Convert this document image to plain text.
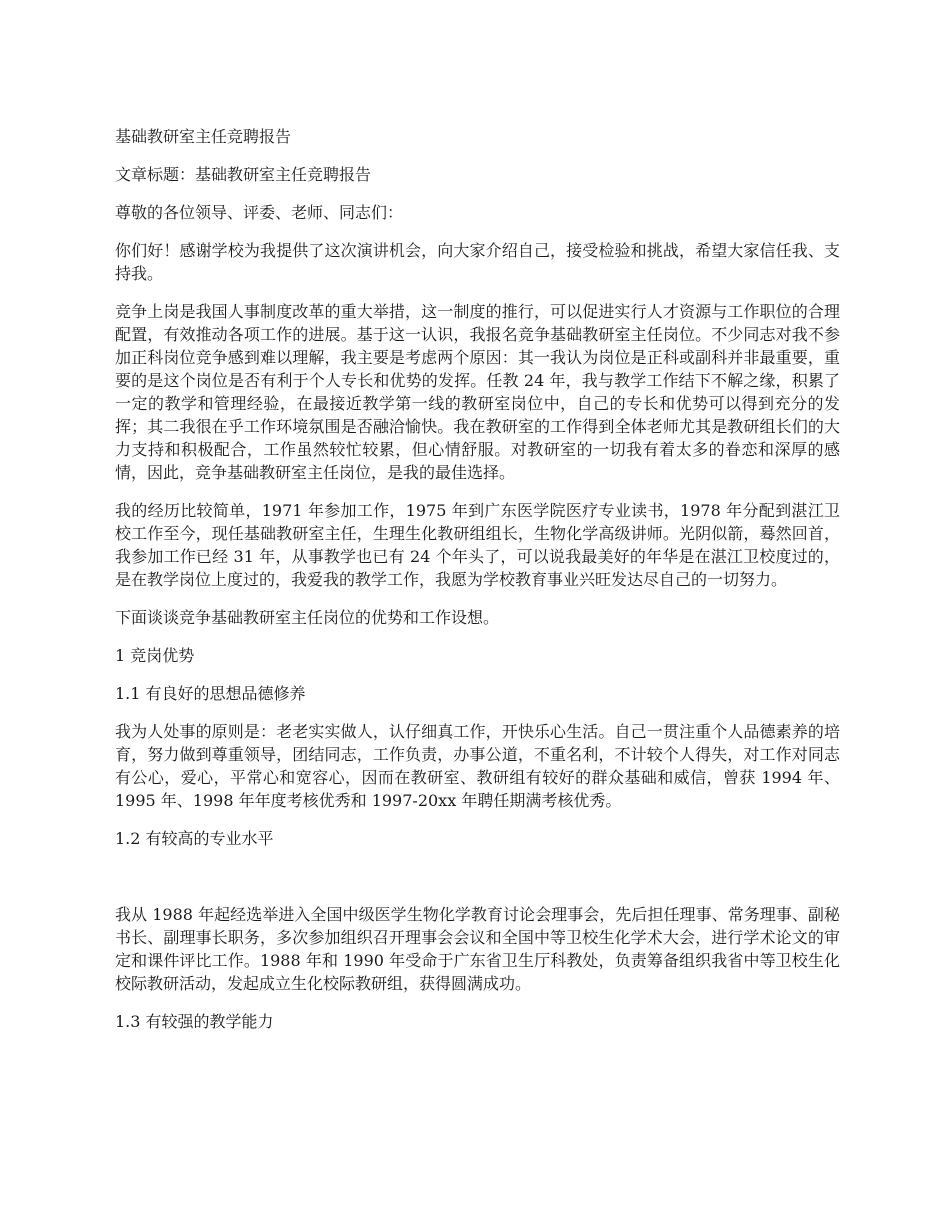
基础教研室主任竞聘报告

文章标题：基础教研室主任竞聘报告

尊敬的各位领导、评委、老师、同志们：

你们好！感谢学校为我提供了这次演讲机会，向大家介绍自己，接受检验和挑战，希望大家信任我、支持我。

竞争上岗是我国人事制度改革的重大举措，这一制度的推行，可以促进实行人才资源与工作职位的合理配置，有效推动各项工作的进展。基于这一认识，我报名竞争基础教研室主任岗位。不少同志对我不参加正科岗位竞争感到难以理解，我主要是考虑两个原因：其一我认为岗位是正科或副科并非最重要，重要的是这个岗位是否有利于个人专长和优势的发挥。任教 24 年，我与教学工作结下不解之缘，积累了一定的教学和管理经验，在最接近教学第一线的教研室岗位中，自己的专长和优势可以得到充分的发挥；其二我很在乎工作环境氛围是否融洽愉快。我在教研室的工作得到全体老师尤其是教研组长们的大力支持和积极配合，工作虽然较忙较累，但心情舒服。对教研室的一切我有着太多的眷恋和深厚的感情，因此，竞争基础教研室主任岗位，是我的最佳选择。

我的经历比较简单，1971 年参加工作，1975 年到广东医学院医疗专业读书，1978 年分配到湛江卫校工作至今，现任基础教研室主任，生理生化教研组组长，生物化学高级讲师。光阴似箭，蓦然回首，我参加工作已经 31 年，从事教学也已有 24 个年头了，可以说我最美好的年华是在湛江卫校度过的，是在教学岗位上度过的，我爱我的教学工作，我愿为学校教育事业兴旺发达尽自己的一切努力。

下面谈谈竞争基础教研室主任岗位的优势和工作设想。

1 竞岗优势

1.1 有良好的思想品德修养

我为人处事的原则是：老老实实做人，认仔细真工作，开快乐心生活。自己一贯注重个人品德素养的培育，努力做到尊重领导，团结同志，工作负责，办事公道，不重名利，不计较个人得失，对工作对同志有公心，爱心，平常心和宽容心，因而在教研室、教研组有较好的群众基础和威信，曾获 1994 年、1995 年、1998 年年度考核优秀和 1997-20xx 年聘任期满考核优秀。

1.2 有较高的专业水平

我从 1988 年起经选举进入全国中级医学生物化学教育讨论会理事会，先后担任理事、常务理事、副秘书长、副理事长职务，多次参加组织召开理事会会议和全国中等卫校生化学术大会，进行学术论文的审定和课件评比工作。1988 年和 1990 年受命于广东省卫生厅科教处，负责筹备组织我省中等卫校生化校际教研活动，发起成立生化校际教研组，获得圆满成功。

1.3 有较强的教学能力
